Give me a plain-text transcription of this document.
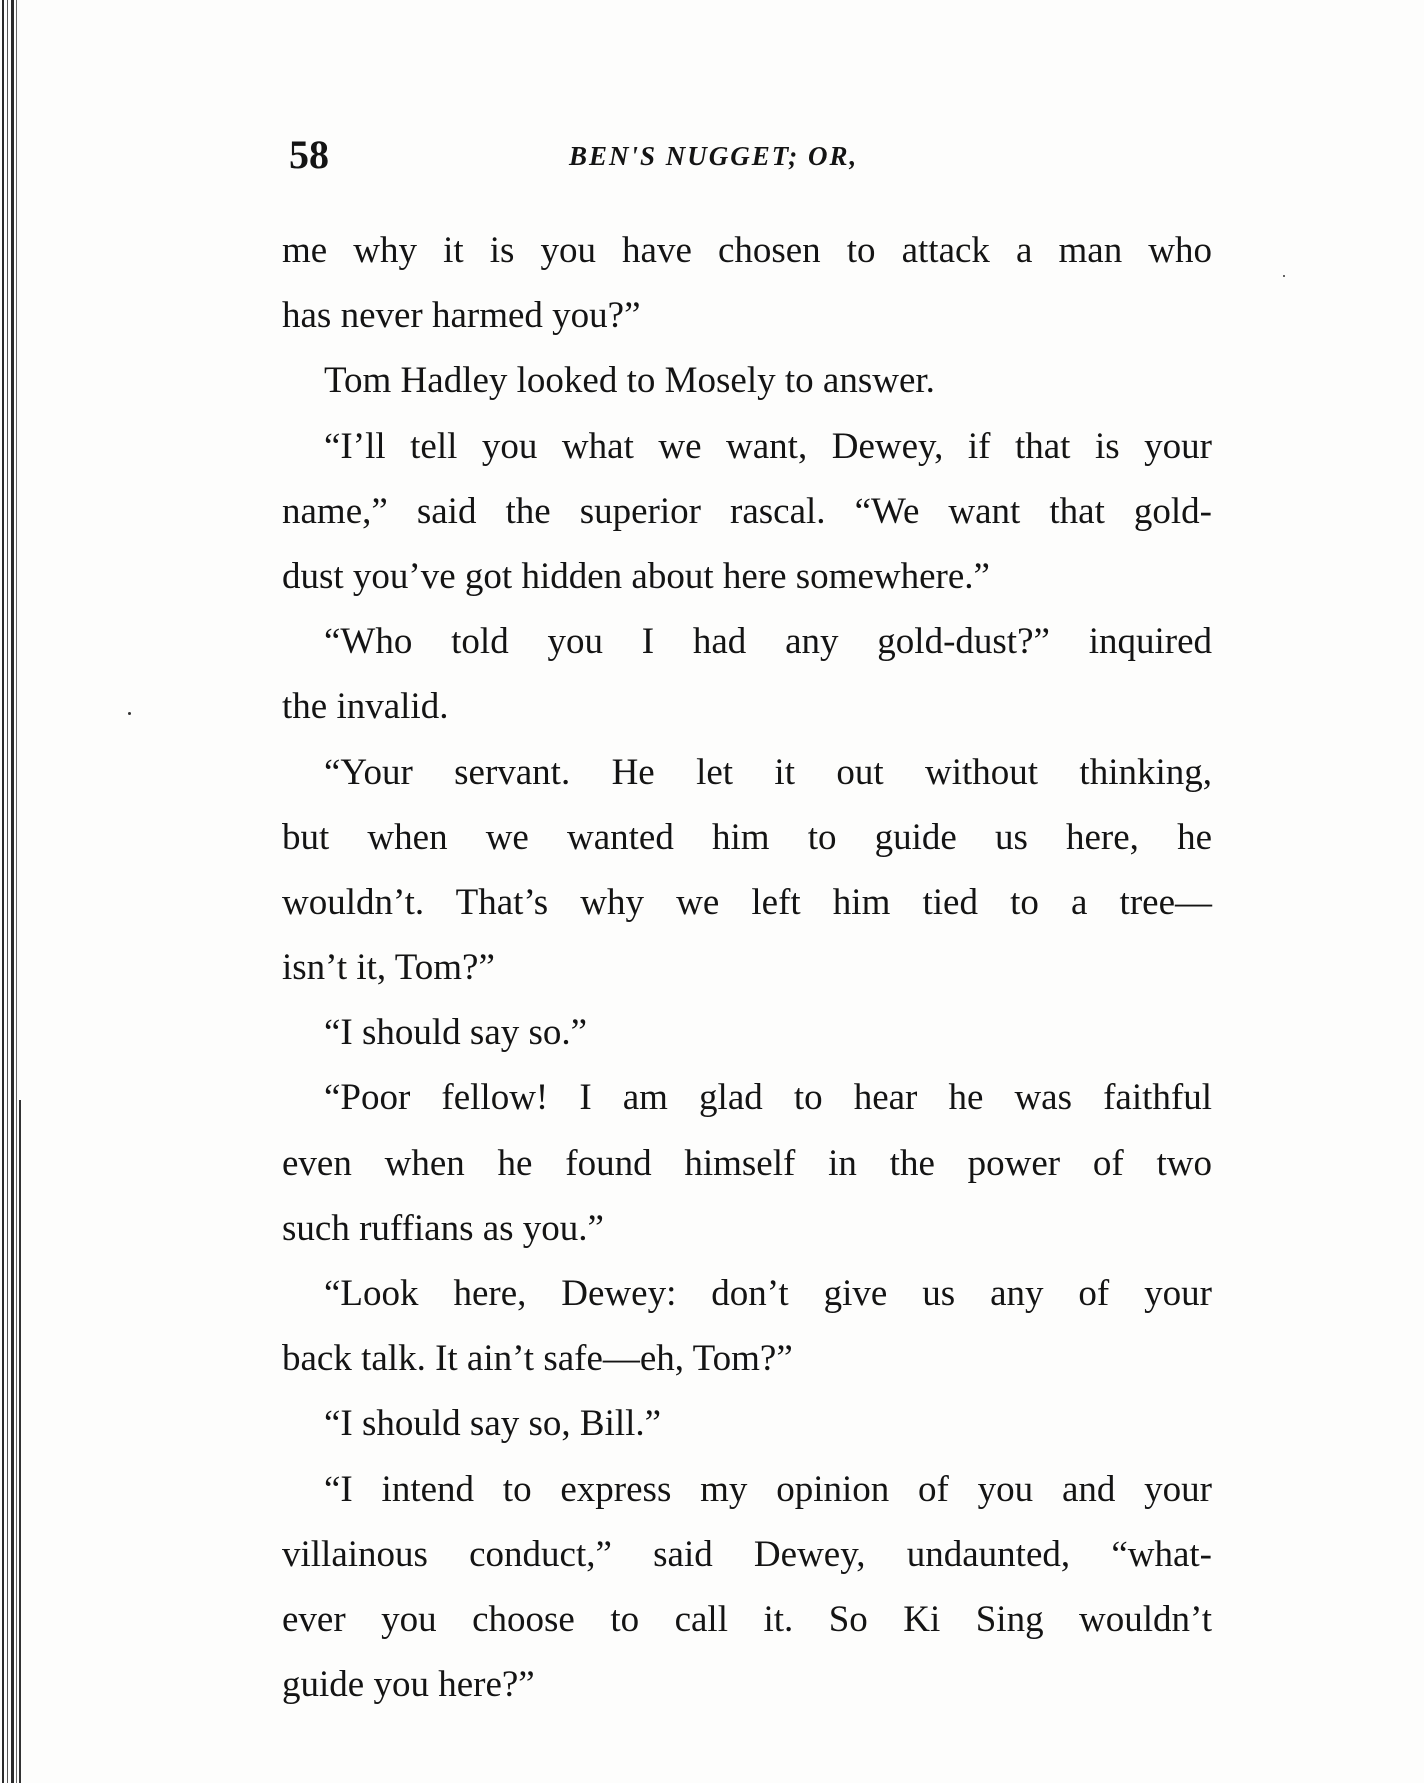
58	BEN'S NUGGET; OR,
me why it is you have chosen to attack a man who
has never harmed you?”
Tom Hadley looked to Mosely to answer.
“I’ll tell you what we want, Dewey, if that is your
name,” said the superior rascal. “We want that gold-
dust you’ve got hidden about here somewhere.”
“Who told you I had any gold-dust?” inquired
the invalid.
“Your servant. He let it out without thinking,
but when we wanted him to guide us here, he
wouldn’t. That’s why we left him tied to a tree—
isn’t it, Tom?”
“I should say so.”
“Poor fellow! I am glad to hear he was faithful
even when he found himself in the power of two
such ruffians as you.”
“Look here, Dewey: don’t give us any of your
back talk. It ain’t safe—eh, Tom?”
“I should say so, Bill.”
“I intend to express my opinion of you and your
villainous conduct,” said Dewey, undaunted, “what-
ever you choose to call it. So Ki Sing wouldn’t
guide you here?”
